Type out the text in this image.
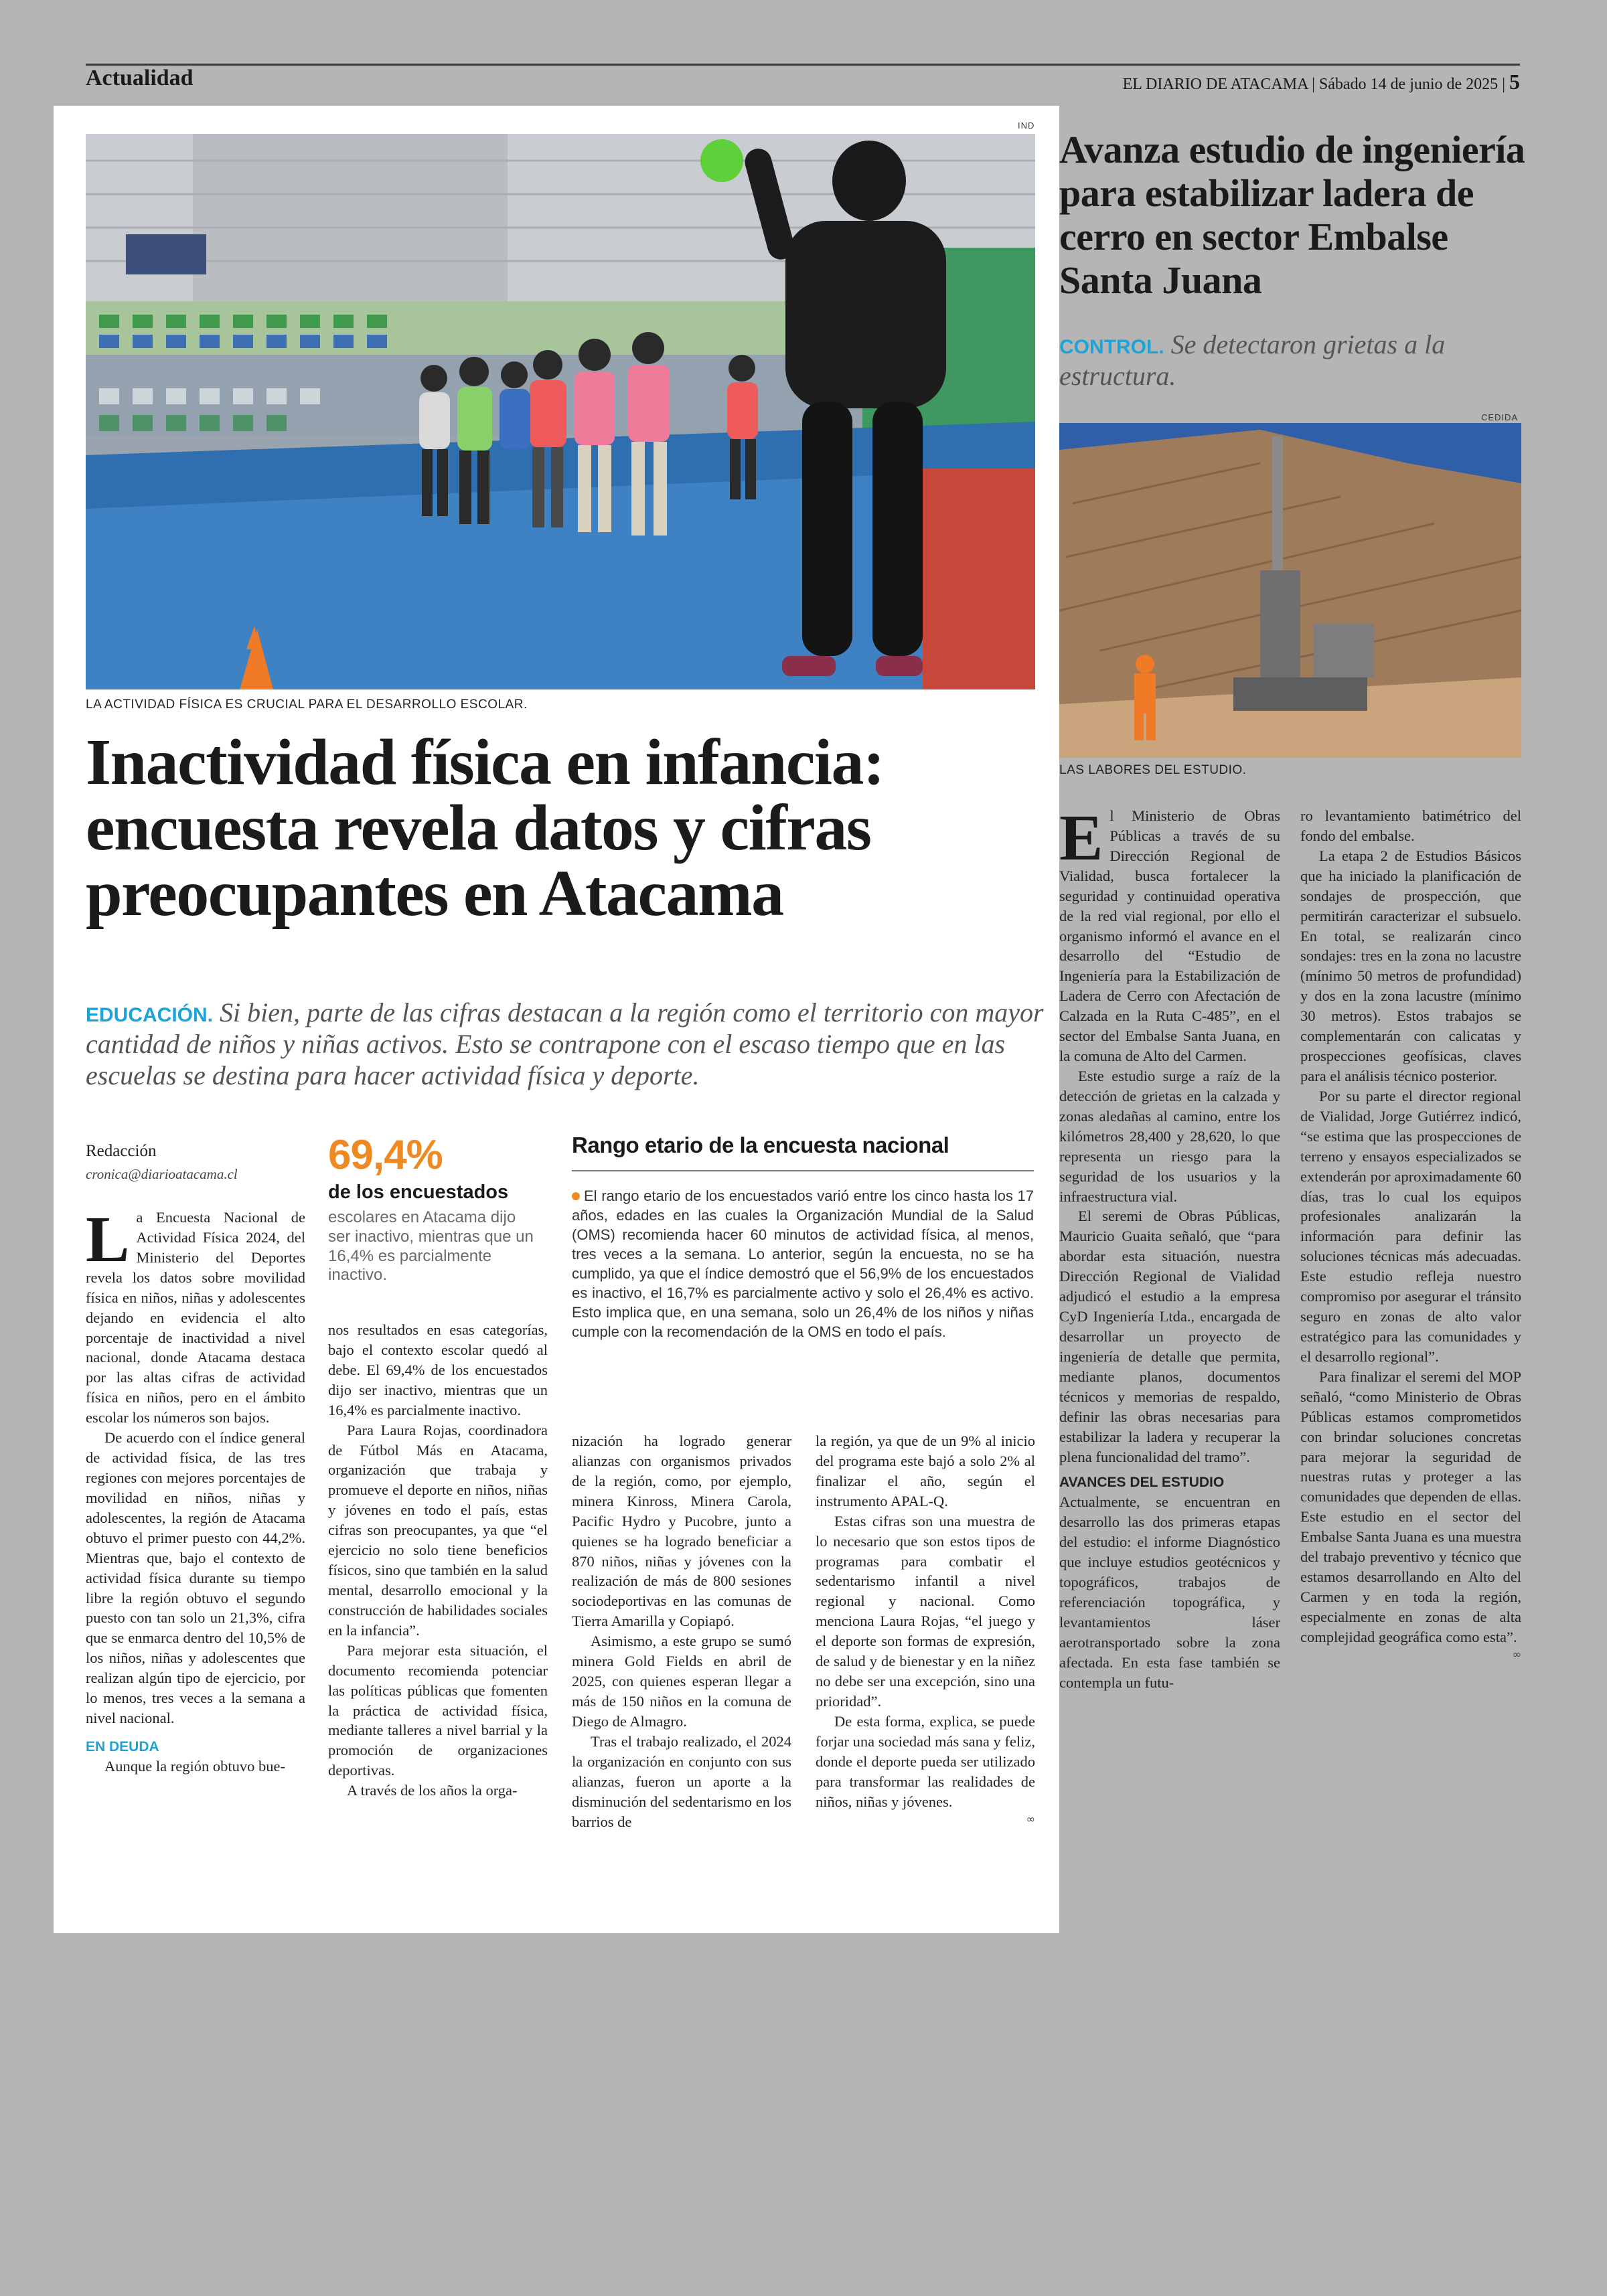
Actualidad	EL DIARIO DE ATACAMA | Sábado 14 de junio de 2025 | 5
IND
LA ACTIVIDAD FÍSICA ES CRUCIAL PARA EL DESARROLLO ESCOLAR.
Inactividad física en infancia: encuesta revela datos y cifras preocupantes en Atacama
EDUCACIÓN. Si bien, parte de las cifras destacan a la región como el territorio con mayor cantidad de niños y niñas activos. Esto se contrapone con el escaso tiempo que en las escuelas se destina para hacer actividad física y deporte.
Redacción
cronica@diarioatacama.cl

La Encuesta Nacional de Actividad Física 2024, del Ministerio del Deportes revela los datos sobre movilidad física en niños, niñas y adolescentes dejando en evidencia el alto porcentaje de inactividad a nivel nacional, donde Atacama destaca por las altas cifras de actividad física en niños, pero en el ámbito escolar los números son bajos.

De acuerdo con el índice general de actividad física, de las tres regiones con mejores porcentajes de movilidad en niños, niñas y adolescentes, la región de Atacama obtuvo el primer puesto con 44,2%. Mientras que, bajo el contexto de actividad física durante su tiempo libre la región obtuvo el segundo puesto con tan solo un 21,3%, cifra que se enmarca dentro del 10,5% de los niños, niñas y adolescentes que realizan algún tipo de ejercicio, por lo menos, tres veces a la semana a nivel nacional.

EN DEUDA

Aunque la región obtuvo bue-

69,4%
de los encuestados
escolares en Atacama dijo ser inactivo, mientras que un 16,4% es parcialmente inactivo.

nos resultados en esas categorías, bajo el contexto escolar quedó al debe. El 69,4% de los encuestados dijo ser inactivo, mientras que un 16,4% es parcialmente inactivo.

Para Laura Rojas, coordinadora de Fútbol Más en Atacama, organización que trabaja y promueve el deporte en niños, niñas y jóvenes en todo el país, estas cifras son preocupantes, ya que “el ejercicio no solo tiene beneficios físicos, sino que también en la salud mental, desarrollo emocional y la construcción de habilidades sociales en la infancia”.

Para mejorar esta situación, el documento recomienda potenciar las políticas públicas que fomenten la práctica de actividad física, mediante talleres a nivel barrial y la promoción de organizaciones deportivas.

A través de los años la orga-

Rango etario de la encuesta nacional
El rango etario de los encuestados varió entre los cinco hasta los 17 años, edades en las cuales la Organización Mundial de la Salud (OMS) recomienda hacer 60 minutos de actividad física, al menos, tres veces a la semana. Lo anterior, según la encuesta, no se ha cumplido, ya que el índice demostró que el 56,9% de los encuestados es inactivo, el 16,7% es parcialmente activo y solo el 26,4% es activo. Esto implica que, en una semana, solo un 26,4% de los niños y niñas cumple con la recomendación de la OMS en todo el país.

nización ha logrado generar alianzas con organismos privados de la región, como, por ejemplo, minera Kinross, Minera Carola, Pacific Hydro y Pucobre, junto a quienes se ha logrado beneficiar a 870 niños, niñas y jóvenes con la realización de más de 800 sesiones sociodeportivas en las comunas de Tierra Amarilla y Copiapó.

Asimismo, a este grupo se sumó minera Gold Fields en abril de 2025, con quienes esperan llegar a más de 150 niños en la comuna de Diego de Almagro.

Tras el trabajo realizado, el 2024 la organización en conjunto con sus alianzas, fueron un aporte a la disminución del sedentarismo en los barrios de

la región, ya que de un 9% al inicio del programa este bajó a solo 2% al finalizar el año, según el instrumento APAL-Q.

Estas cifras son una muestra de lo necesario que son estos tipos de programas para combatir el sedentarismo infantil a nivel regional y nacional. Como menciona Laura Rojas, “el juego y el deporte son formas de expresión, de salud y de bienestar y en la niñez no debe ser una excepción, sino una prioridad”.

De esta forma, explica, se puede forjar una sociedad más sana y feliz, donde el deporte pueda ser utilizado para transformar las realidades de niños, niñas y jóvenes.

∞
Avanza estudio de ingeniería para estabilizar ladera de cerro en sector Embalse Santa Juana
CONTROL. Se detectaron grietas a la estructura.
CEDIDA
LAS LABORES DEL ESTUDIO.

El Ministerio de Obras Públicas a través de su Dirección Regional de Vialidad, busca fortalecer la seguridad y continuidad operativa de la red vial regional, por ello el organismo informó el avance en el desarrollo del “Estudio de Ingeniería para la Estabilización de Ladera de Cerro con Afectación de Calzada en la Ruta C-485”, en el sector del Embalse Santa Juana, en la comuna de Alto del Carmen.

Este estudio surge a raíz de la detección de grietas en la calzada y zonas aledañas al camino, entre los kilómetros 28,400 y 28,620, lo que representa un riesgo para la seguridad de los usuarios y la infraestructura vial.

El seremi de Obras Públicas, Mauricio Guaita señaló, que “para abordar esta situación, nuestra Dirección Regional de Vialidad adjudicó el estudio a la empresa CyD Ingeniería Ltda., encargada de desarrollar un proyecto de ingeniería de detalle que permita, mediante planos, documentos técnicos y memorias de respaldo, definir las obras necesarias para estabilizar la ladera y recuperar la plena funcionalidad del tramo”.

AVANCES DEL ESTUDIO

Actualmente, se encuentran en desarrollo las dos primeras etapas del estudio: el informe Diagnóstico que incluye estudios geotécnicos y topográficos, trabajos de referenciación topográfica, y levantamientos láser aerotransportado sobre la zona afectada. En esta fase también se contempla un futu-

ro levantamiento batimétrico del fondo del embalse.

La etapa 2 de Estudios Básicos que ha iniciado la planificación de sondajes de prospección, que permitirán caracterizar el subsuelo. En total, se realizarán cinco sondajes: tres en la zona no lacustre (mínimo 50 metros de profundidad) y dos en la zona lacustre (mínimo 30 metros). Estos trabajos se complementarán con calicatas y prospecciones geofísicas, claves para el análisis técnico posterior.

Por su parte el director regional de Vialidad, Jorge Gutiérrez indicó, “se estima que las prospecciones de terreno y ensayos especializados se extenderán por aproximadamente 60 días, tras lo cual los equipos profesionales analizarán la información para definir las soluciones técnicas más adecuadas. Este estudio refleja nuestro compromiso por asegurar el tránsito seguro en zonas de alto valor estratégico para las comunidades y el desarrollo regional”.

Para finalizar el seremi del MOP señaló, “como Ministerio de Obras Públicas estamos comprometidos con brindar soluciones concretas para mejorar la seguridad de nuestras rutas y proteger a las comunidades que dependen de ellas. Este estudio en el sector del Embalse Santa Juana es una muestra del trabajo preventivo y técnico que estamos desarrollando en Alto del Carmen y en toda la región, especialmente en zonas de alta complejidad geográfica como esta”.

∞
